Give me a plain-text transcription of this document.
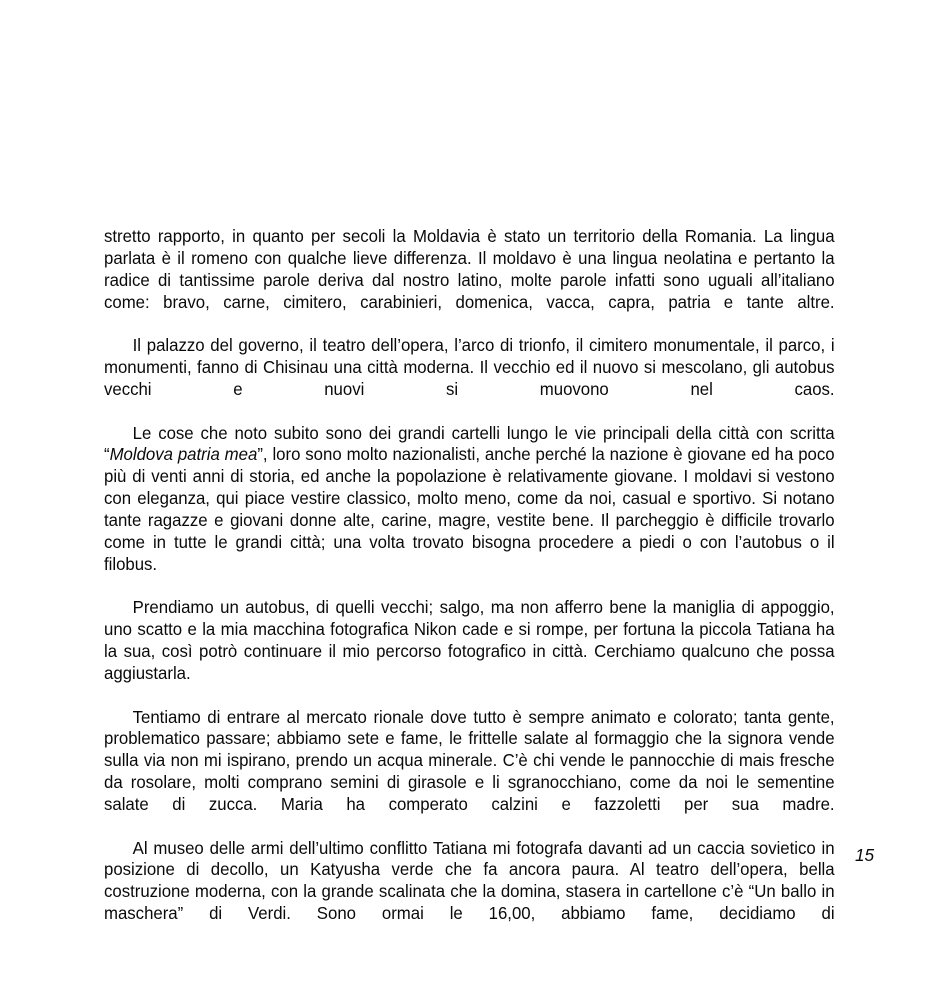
stretto rapporto, in quanto per secoli la Moldavia è stato un territorio della Romania. La lingua parlata è il romeno con qualche lieve differenza. Il moldavo è una lingua neolatina e pertanto la radice di tantissime parole deriva dal nostro latino, molte parole infatti sono uguali all’italiano come: bravo, carne, cimitero, carabinieri, domenica, vacca, capra, patria e tante altre.

Il palazzo del governo, il teatro dell’opera, l’arco di trionfo, il cimitero monumentale, il parco, i monumenti, fanno di Chisinau una città moderna. Il vecchio ed il nuovo si mescolano, gli autobus vecchi e nuovi si muovono nel caos.

Le cose che noto subito sono dei grandi cartelli lungo le vie principali della città con scritta “Moldova patria mea”, loro sono molto nazionalisti, anche perché la nazione è giovane ed ha poco più di venti anni di storia, ed anche la popolazione è relativamente giovane. I moldavi si vestono con eleganza, qui piace vestire classico, molto meno, come da noi, casual e sportivo. Si notano tante ragazze e giovani donne alte, carine, magre, vestite bene. Il parcheggio è difficile trovarlo come in tutte le grandi città; una volta trovato bisogna procedere a piedi o con l’autobus o il filobus.

Prendiamo un autobus, di quelli vecchi; salgo, ma non afferro bene la maniglia di appoggio, uno scatto e la mia macchina fotografica Nikon cade e si rompe, per fortuna la piccola Tatiana ha la sua, così potrò continuare il mio percorso fotografico in città. Cerchiamo qualcuno che possa aggiustarla.

Tentiamo di entrare al mercato rionale dove tutto è sempre animato e colorato; tanta gente, problematico passare; abbiamo sete e fame, le frittelle salate al formaggio che la signora vende sulla via non mi ispirano, prendo un acqua minerale. C’è chi vende le pannocchie di mais fresche da rosolare, molti comprano semini di girasole e li sgranocchiano, come da noi le sementine salate di zucca. Maria ha comperato calzini e fazzoletti per sua madre.

Al museo delle armi dell’ultimo conflitto Tatiana mi fotografa davanti ad un caccia sovietico in posizione di decollo, un Katyusha verde che fa ancora paura. Al teatro dell’opera, bella costruzione moderna, con la grande scalinata che la domina, stasera in cartellone c’è “Un ballo in maschera” di Verdi. Sono ormai le 16,00, abbiamo fame, decidiamo di

15
